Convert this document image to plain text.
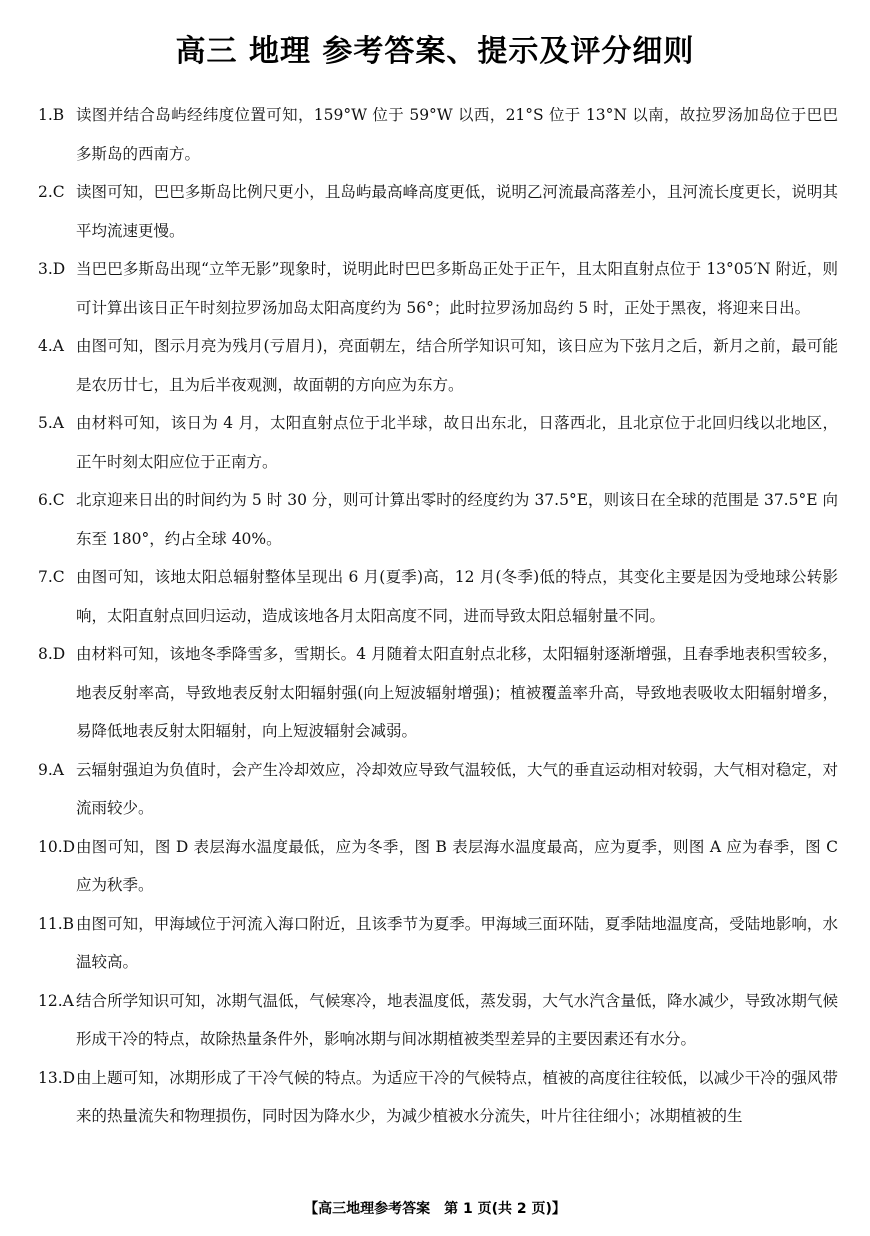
高三 地理 参考答案、提示及评分细则
1.B 读图并结合岛屿经纬度位置可知，159°W 位于 59°W 以西，21°S 位于 13°N 以南，故拉罗汤加岛位于巴巴多斯岛的西南方。
2.C 读图可知，巴巴多斯岛比例尺更小，且岛屿最高峰高度更低，说明乙河流最高落差小，且河流长度更长，说明其平均流速更慢。
3.D 当巴巴多斯岛出现“立竿无影”现象时，说明此时巴巴多斯岛正处于正午，且太阳直射点位于 13°05′N 附近，则可计算出该日正午时刻拉罗汤加岛太阳高度约为 56°；此时拉罗汤加岛约 5 时，正处于黑夜，将迎来日出。
4.A 由图可知，图示月亮为残月(亏眉月)，亮面朝左，结合所学知识可知，该日应为下弦月之后，新月之前，最可能是农历廿七，且为后半夜观测，故面朝的方向应为东方。
5.A 由材料可知，该日为 4 月，太阳直射点位于北半球，故日出东北，日落西北，且北京位于北回归线以北地区，正午时刻太阳应位于正南方。
6.C 北京迎来日出的时间约为 5 时 30 分，则可计算出零时的经度约为 37.5°E，则该日在全球的范围是 37.5°E 向东至 180°，约占全球 40%。
7.C 由图可知，该地太阳总辐射整体呈现出 6 月(夏季)高，12 月(冬季)低的特点，其变化主要是因为受地球公转影响，太阳直射点回归运动，造成该地各月太阳高度不同，进而导致太阳总辐射量不同。
8.D 由材料可知，该地冬季降雪多，雪期长。4 月随着太阳直射点北移，太阳辐射逐渐增强，且春季地表积雪较多，地表反射率高，导致地表反射太阳辐射强(向上短波辐射增强)；植被覆盖率升高，导致地表吸收太阳辐射增多，易降低地表反射太阳辐射，向上短波辐射会减弱。
9.A 云辐射强迫为负值时，会产生冷却效应，冷却效应导致气温较低，大气的垂直运动相对较弱，大气相对稳定，对流雨较少。
10.D 由图可知，图 D 表层海水温度最低，应为冬季，图 B 表层海水温度最高，应为夏季，则图 A 应为春季，图 C 应为秋季。
11.B 由图可知，甲海域位于河流入海口附近，且该季节为夏季。甲海域三面环陆，夏季陆地温度高，受陆地影响，水温较高。
12.A 结合所学知识可知，冰期气温低，气候寒冷，地表温度低，蒸发弱，大气水汽含量低，降水减少，导致冰期气候形成干冷的特点，故除热量条件外，影响冰期与间冰期植被类型差异的主要因素还有水分。
13.D 由上题可知，冰期形成了干冷气候的特点。为适应干冷的气候特点，植被的高度往往较低，以减少干冷的强风带来的热量流失和物理损伤，同时因为降水少，为减少植被水分流失，叶片往往细小；冰期植被的生
【高三地理参考答案　第 1 页(共 2 页)】
